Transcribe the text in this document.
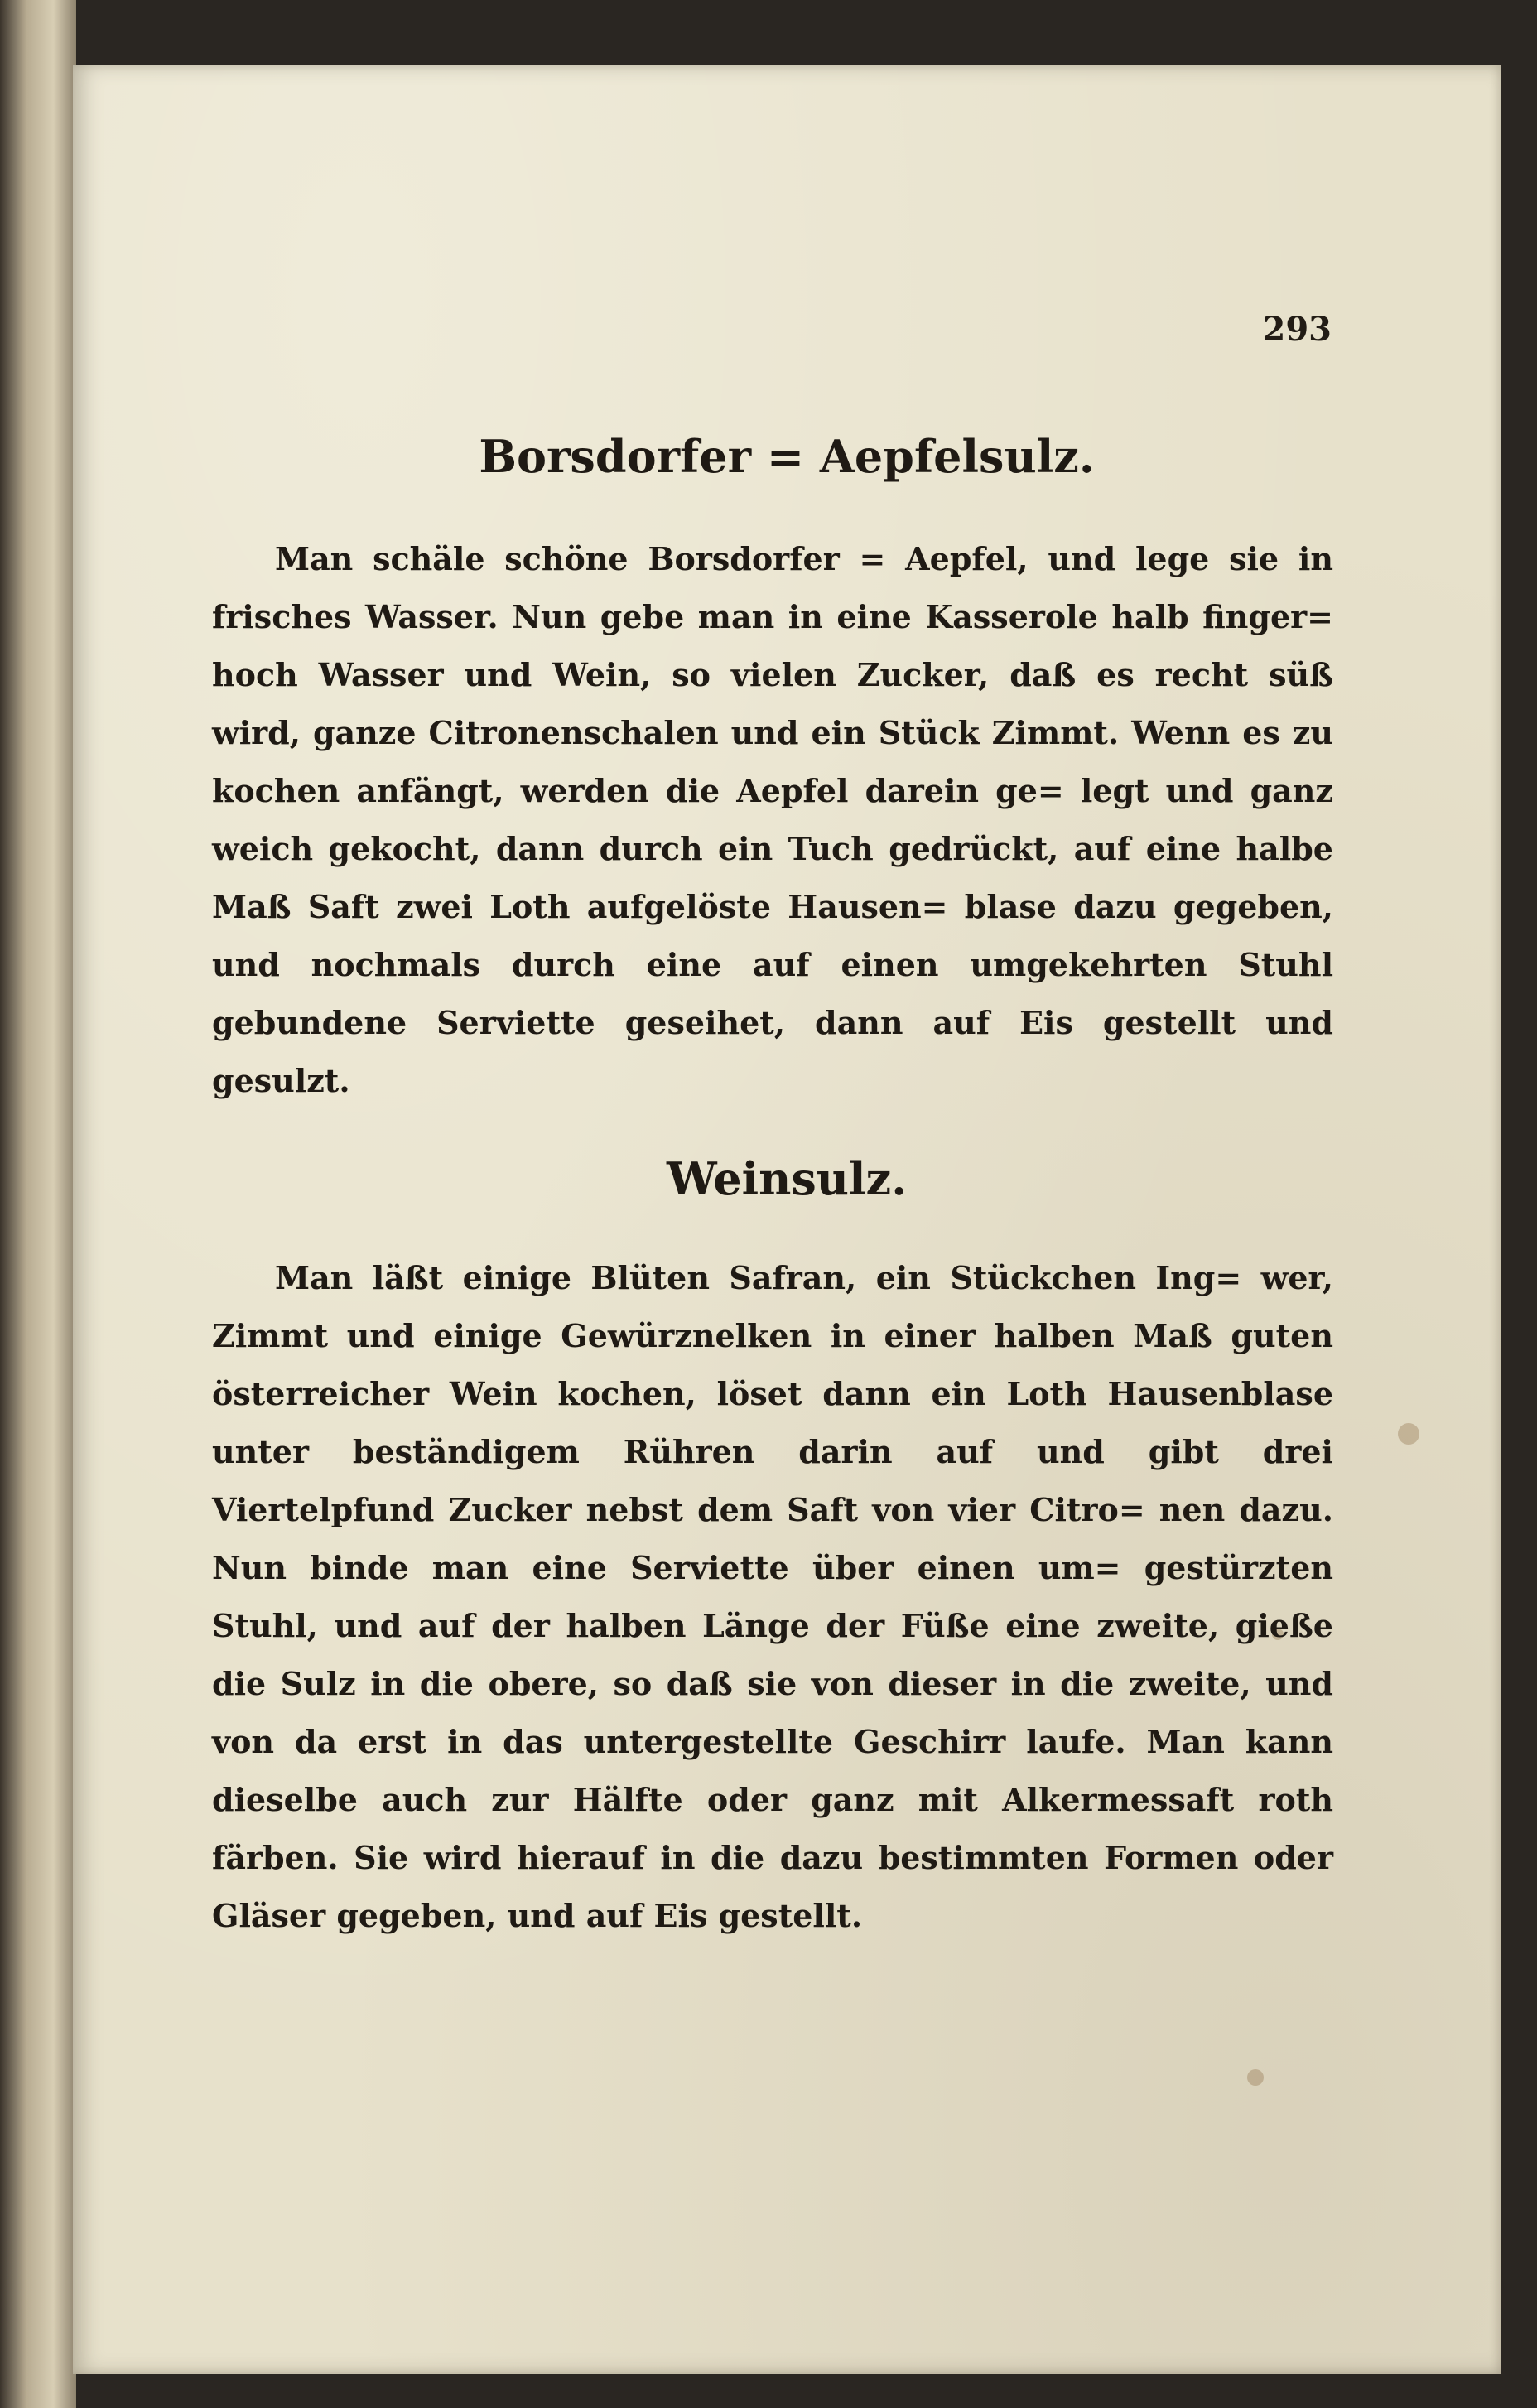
293

Borsdorfer = Aepfelsulz.

Man schäle schöne Borsdorfer = Aepfel, und lege sie in frisches Wasser. Nun gebe man in eine Kasserole halb finger= hoch Wasser und Wein, so vielen Zucker, daß es recht süß wird, ganze Citronenschalen und ein Stück Zimmt. Wenn es zu kochen anfängt, werden die Aepfel darein ge= legt und ganz weich gekocht, dann durch ein Tuch gedrückt, auf eine halbe Maß Saft zwei Loth aufgelöste Hausen= blase dazu gegeben, und nochmals durch eine auf einen umgekehrten Stuhl gebundene Serviette geseihet, dann auf Eis gestellt und gesulzt.

Weinsulz.

Man läßt einige Blüten Safran, ein Stückchen Ing= wer, Zimmt und einige Gewürznelken in einer halben Maß guten österreicher Wein kochen, löset dann ein Loth Hausenblase unter beständigem Rühren darin auf und gibt drei Viertelpfund Zucker nebst dem Saft von vier Citro= nen dazu. Nun binde man eine Serviette über einen um= gestürzten Stuhl, und auf der halben Länge der Füße eine zweite, gieße die Sulz in die obere, so daß sie von dieser in die zweite, und von da erst in das untergestellte Geschirr laufe. Man kann dieselbe auch zur Hälfte oder ganz mit Alkermessaft roth färben. Sie wird hierauf in die dazu bestimmten Formen oder Gläser gegeben, und auf Eis gestellt.
